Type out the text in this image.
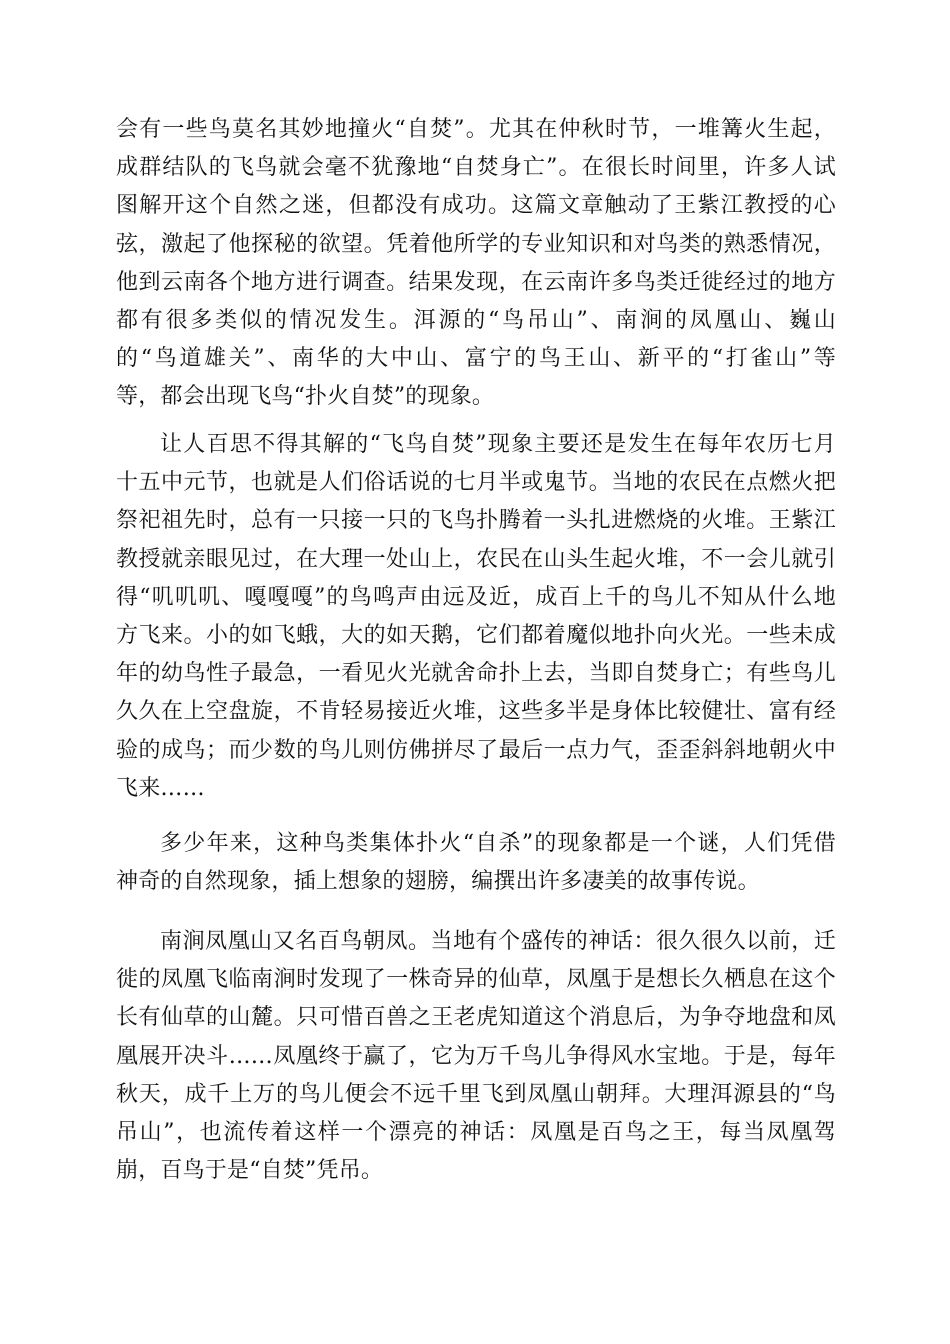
会有一些鸟莫名其妙地撞火“自焚”。尤其在仲秋时节，一堆篝火生起，
成群结队的飞鸟就会毫不犹豫地“自焚身亡”。在很长时间里，许多人试
图解开这个自然之迷，但都没有成功。这篇文章触动了王紫江教授的心
弦，激起了他探秘的欲望。凭着他所学的专业知识和对鸟类的熟悉情况，
他到云南各个地方进行调查。结果发现，在云南许多鸟类迁徙经过的地方
都有很多类似的情况发生。洱源的“鸟吊山”、南涧的凤凰山、巍山
的“鸟道雄关”、南华的大中山、富宁的鸟王山、新平的“打雀山”等
等，都会出现飞鸟“扑火自焚”的现象。

让人百思不得其解的“飞鸟自焚”现象主要还是发生在每年农历七月
十五中元节，也就是人们俗话说的七月半或鬼节。当地的农民在点燃火把
祭祀祖先时，总有一只接一只的飞鸟扑腾着一头扎进燃烧的火堆。王紫江
教授就亲眼见过，在大理一处山上，农民在山头生起火堆，不一会儿就引
得“叽叽叽、嘎嘎嘎”的鸟鸣声由远及近，成百上千的鸟儿不知从什么地
方飞来。小的如飞蛾，大的如天鹅，它们都着魔似地扑向火光。一些未成
年的幼鸟性子最急，一看见火光就舍命扑上去，当即自焚身亡；有些鸟儿
久久在上空盘旋，不肯轻易接近火堆，这些多半是身体比较健壮、富有经
验的成鸟；而少数的鸟儿则仿佛拼尽了最后一点力气，歪歪斜斜地朝火中
飞来……

多少年来，这种鸟类集体扑火“自杀”的现象都是一个谜，人们凭借
神奇的自然现象，插上想象的翅膀，编撰出许多凄美的故事传说。

南涧凤凰山又名百鸟朝凤。当地有个盛传的神话：很久很久以前，迁
徙的凤凰飞临南涧时发现了一株奇异的仙草，凤凰于是想长久栖息在这个
长有仙草的山麓。只可惜百兽之王老虎知道这个消息后，为争夺地盘和凤
凰展开决斗……凤凰终于赢了，它为万千鸟儿争得风水宝地。于是，每年
秋天，成千上万的鸟儿便会不远千里飞到凤凰山朝拜。大理洱源县的“鸟
吊山”，也流传着这样一个漂亮的神话：凤凰是百鸟之王，每当凤凰驾
崩，百鸟于是“自焚”凭吊。
